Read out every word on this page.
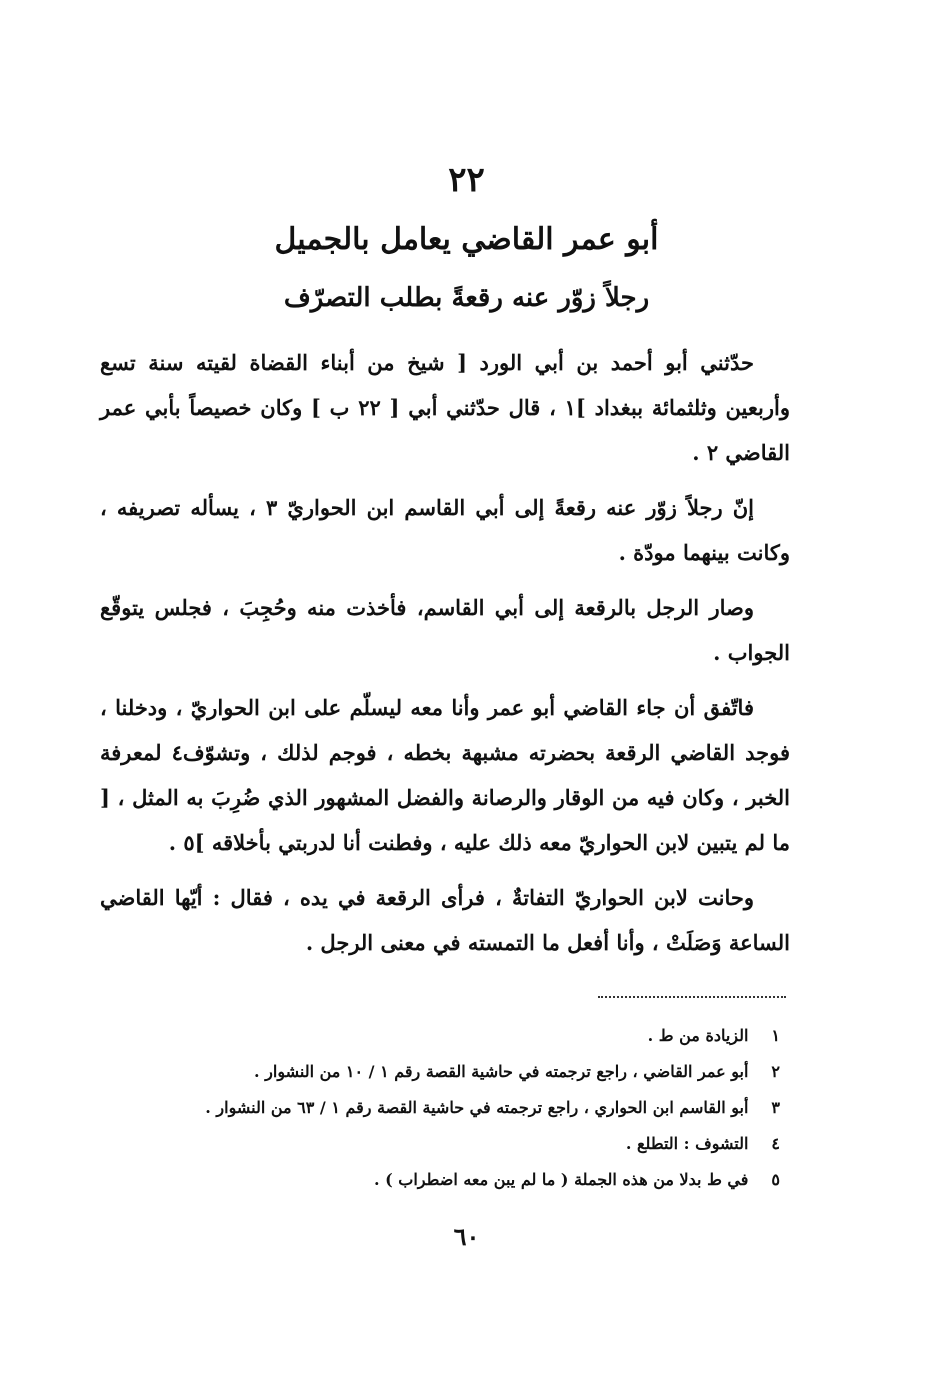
٢٢
أبو عمر القاضي يعامل بالجميل
رجلاً زوّر عنه رقعةً بطلب التصرّف

حدّثني أبو أحمد بن أبي الورد [ شيخ من أبناء القضاة لقيته سنة تسع وأربعين وثلثمائة ببغداد ]١ ، قال حدّثني أبي [ ٢٢ ب ] وكان خصيصاً بأبي عمر القاضي ٢ .

إنّ رجلاً زوّر عنه رقعةً إلى أبي القاسم ابن الحواريّ ٣ ، يسأله تصريفه ، وكانت بينهما مودّة .

وصار الرجل بالرقعة إلى أبي القاسم، فأخذت منه وحُجِبَ ، فجلس يتوقّع الجواب .

فاتّفق أن جاء القاضي أبو عمر وأنا معه ليسلّم على ابن الحواريّ ، ودخلنا ، فوجد القاضي الرقعة بحضرته مشبهة بخطه ، فوجم لذلك ، وتشوّف٤ لمعرفة الخبر ، وكان فيه من الوقار والرصانة والفضل المشهور الذي ضُرِبَ به المثل ، [ ما لم يتبين لابن الحواريّ معه ذلك عليه ، وفطنت أنا لدربتي بأخلاقه ]٥ .

وحانت لابن الحواريّ التفاتةٌ ، فرأى الرقعة في يده ، فقال : أيّها القاضي الساعة وَصَلَتْ ، وأنا أفعل ما التمسته في معنى الرجل .

١ الزيادة من ط .
٢ أبو عمر القاضي ، راجع ترجمته في حاشية القصة رقم ١ / ١٠ من النشوار .
٣ أبو القاسم ابن الحواري ، راجع ترجمته في حاشية القصة رقم ١ / ٦٣ من النشوار .
٤ التشوف : التطلع .
٥ في ط بدلا من هذه الجملة ( ما لم يبن معه اضطراب ) .
٦٠
